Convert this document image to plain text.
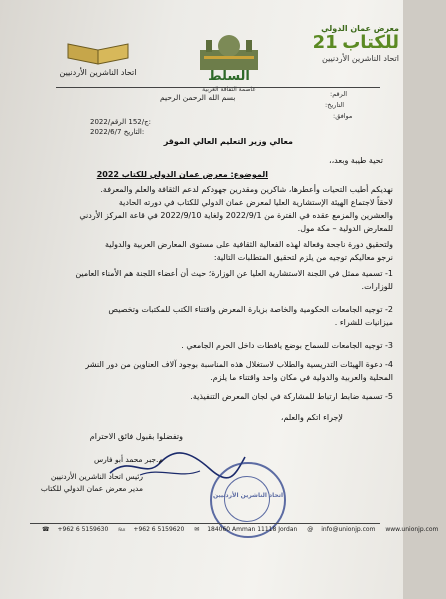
معرض عمان الدولي
للكتاب 21
اتحاد الناشرين الأردنيين
السلط
عاصمة الثقافة العربية
اتحاد الناشرين الأردنيين
بسم الله الرحمن الرحيم	الرقم:
التاريخ:
موافق:
2022/ج/152 الرقم:
2022/6/7 التاريخ:
معالي وزير التعليم العالي الموقر
تحية طيبة وبعد،،
الموضوع: معرض عمان الدولي للكتاب 2022
نهديكم أطيب التحيات وأعطرها، شاكرين ومقدرين جهودكم لدعم الثقافة والعلم والمعرفة.
لاحقاً لاجتماع الهيئة الإستشارية العليا لمعرض عمان الدولي للكتاب في دورته الحادية
والعشرين والمزمع عقده في الفترة من 2022/9/1 ولغاية 2022/9/10 في قاعة المركز الأردني
للمعارض الدولية – مكة مول.
ولتحقيق دورة ناجحة وفعالة لهذه الفعالية الثقافية على مستوى المعارض العربية والدولية
نرجو معاليكم توجيه من يلزم لتحقيق المتطلبات التالية:
1- تسمية ممثل في اللجنة الاستشارية العليا عن الوزارة؛ حيث أن أعضاء اللجنة هم الأمناء العامين
للوزارات.
2- توجيه الجامعات الحكومية والخاصة بزيارة المعرض واقتناء الكتب للمكتبات وتخصيص
ميزانيات للشراء .
3- توجيه الجامعات للسماح بوضع يافطات داخل الحرم الجامعي .
4- دعوة الهيئات التدريسية والطلاب لاستغلال هذه المناسبة بوجود آلاف العناوين من دور النشر
المحلية والعربية والدولية في مكان واحد واقتناء ما يلزم.
5- تسمية ضابط ارتباط للمشاركة في لجان المعرض التنفيذية.
لإجراء اتكم والعلم،
وتفضلوا بقبول فائق الاحترام
م.جبر محمد أبو فارس
رئيس اتحاد الناشرين الأردنيين
مدير معرض عمان الدولي للكتاب
اتحاد الناشرين الأردنيين
☎ +962 6 5159630 ℻ +962 6 5159620 ✉ 184060 Amman 11118 Jordan @ info@unionjp.com www.unionjp.com
